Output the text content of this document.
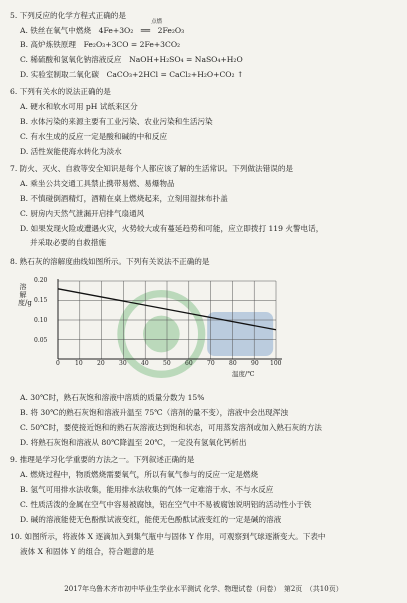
5. 下列反应的化学方程式正确的是
A. 铁丝在氧气中燃烧　4Fe+3O₂
点燃
　══　2Fe₂O₃
B. 高炉炼铁原理　Fe₂O₃+3CO = 2Fe+3CO₂
C. 稀硫酸和氢氧化钠溶液反应　NaOH+H₂SO₄ = NaSO₄+H₂O
D. 实验室制取二氧化碳　CaCO₃+2HCl = CaCl₂+H₂O+CO₂ ↑
6. 下列有关水的说法正确的是
A. 硬水和软水可用 pH 试纸来区分
B. 水体污染的来源主要有工业污染、农业污染和生活污染
C. 有水生成的反应一定是酸和碱的中和反应
D. 活性炭能使海水转化为淡水
7. 防火、灭火、自救等安全知识是每个人都应该了解的生活常识。下列做法错误的是
A. 乘坐公共交通工具禁止携带易燃、易爆物品
B. 不慎碰倒酒精灯，酒精在桌上燃烧起来，立刻用湿抹布扑盖
C. 厨房内天然气泄漏开启排气扇通风
D. 如果发现火险或遭遇火灾，火势较大或有蔓延趋势和可能，应立即拨打 119 火警电话，
并采取必要的自救措施
8. 熟石灰的溶解度曲线如图所示。下列有关说法不正确的是
溶解度/g
0.20
0.15
0.10
0.05
0	10 20 30 40 50 60 70 80 90 100
温度/℃
A. 30℃时，熟石灰饱和溶液中溶质的质量分数为 15%
B. 将 30℃的熟石灰饱和溶液升温至 75℃（溶剂的量不变），溶液中会出现浑浊
C. 50℃时，要使接近饱和的熟石灰溶液达到饱和状态，可用蒸发溶剂或加入熟石灰的方法
D. 将熟石灰饱和溶液从 80℃降温至 20℃，一定没有氢氧化钙析出
9. 推理是学习化学重要的方法之一。下列叙述正确的是
A. 燃烧过程中，物质燃烧需要氧气，所以有氧气参与的反应一定是燃烧
B. 氢气可用排水法收集，能用排水法收集的气体一定难溶于水、不与水反应
C. 性质活泼的金属在空气中容易被腐蚀，铝在空气中不易被腐蚀说明铝的活动性小于铁
D. 碱的溶液能使无色酚酞试液变红，能使无色酚酞试液变红的一定是碱的溶液
10. 如图所示，将液体 X 逐滴加入到集气瓶中与固体 Y 作用，可观察到气球逐渐变大。下表中
液体 X 和固体 Y 的组合，符合题意的是
2017年乌鲁木齐市初中毕业生学业水平测试 化学、物理试卷（问卷）　第2页　（共10页）
